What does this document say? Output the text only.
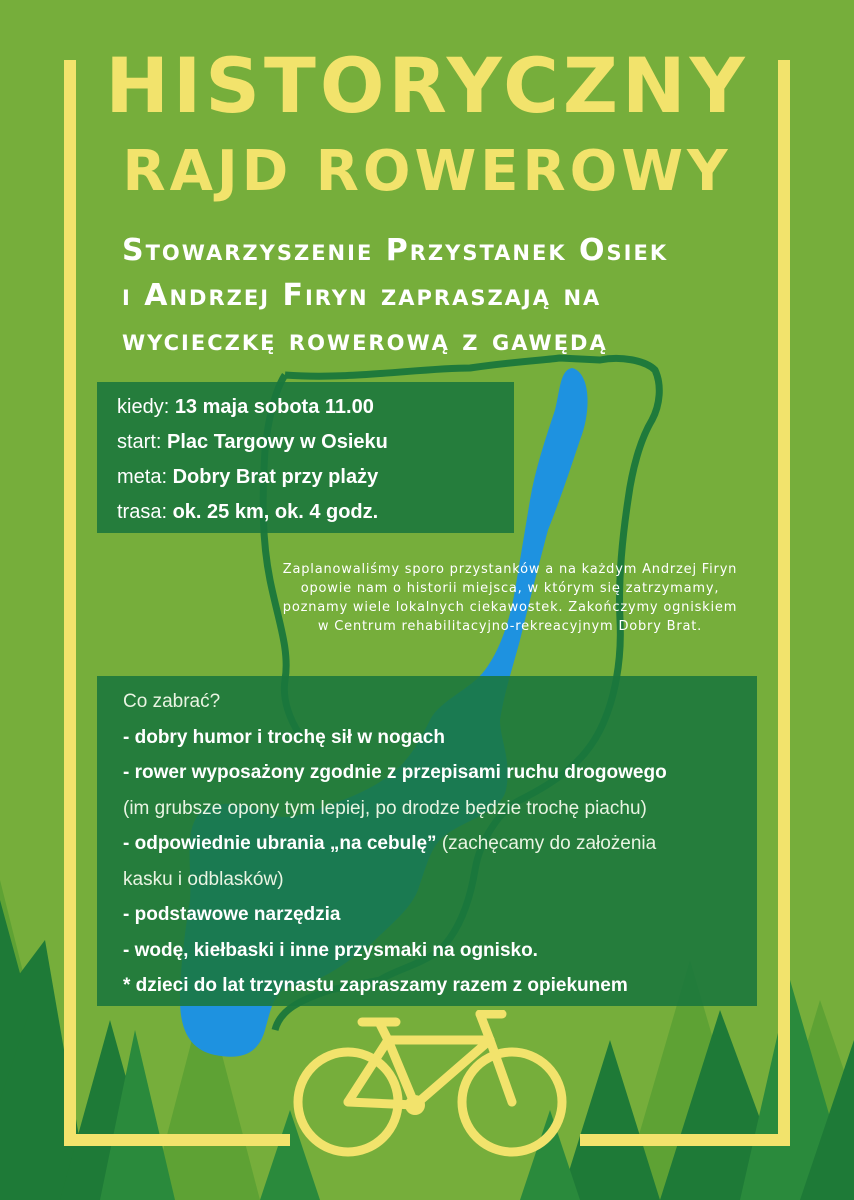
HISTORYCZNY
RAJD ROWEROWY
Stowarzyszenie Przystanek Osiek
i Andrzej Firyn zapraszają na
wycieczkę rowerową z gawędą
kiedy: 13 maja sobota 11.00
start: Plac Targowy w Osieku
meta: Dobry Brat przy plaży
trasa: ok. 25 km, ok. 4 godz.
Zaplanowaliśmy sporo przystanków a na każdym Andrzej Firyn
opowie nam o historii miejsca, w którym się zatrzymamy,
poznamy wiele lokalnych ciekawostek. Zakończymy ogniskiem
w Centrum rehabilitacyjno-rekreacyjnym Dobry Brat.
Co zabrać?
- dobry humor i trochę sił w nogach
- rower wyposażony zgodnie z przepisami ruchu drogowego
(im grubsze opony tym lepiej, po drodze będzie trochę piachu)
- odpowiednie ubrania „na cebulę” (zachęcamy do założenia
kasku i odblasków)
- podstawowe narzędzia
- wodę, kiełbaski i inne przysmaki na ognisko.
* dzieci do lat trzynastu zapraszamy razem z opiekunem
